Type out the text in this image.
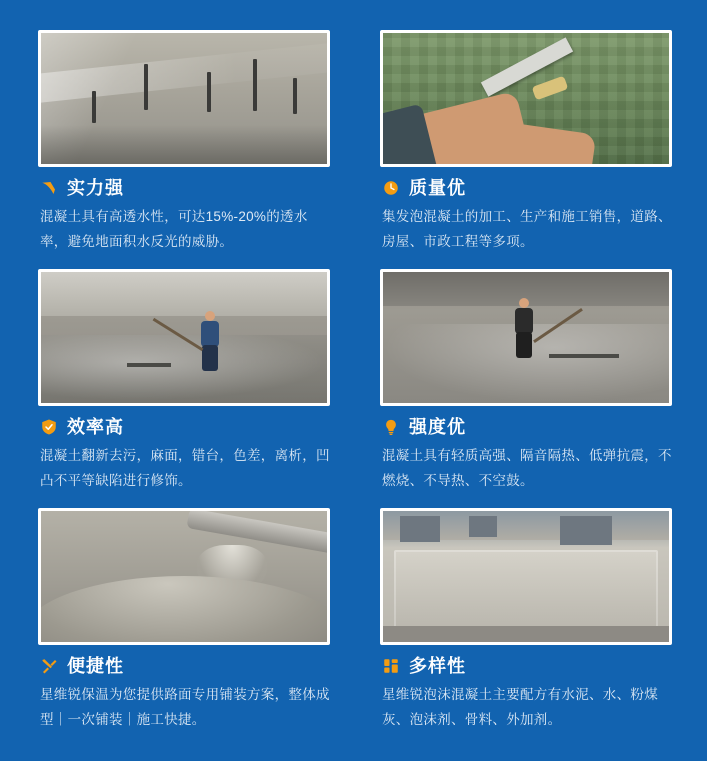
实力强

混凝土具有高透水性，可达15%-20%的透水率，避免地面积水反光的威胁。

质量优

集发泡混凝土的加工、生产和施工销售，道路、房屋、市政工程等多项。

效率高

混凝土翻新去污，麻面，错台，色差，离析，凹凸不平等缺陷进行修饰。

强度优

混凝土具有轻质高强、隔音隔热、低弹抗震，不燃烧、不导热、不空鼓。

便捷性

星维锐保温为您提供路面专用铺装方案，整体成型｜一次铺装｜施工快捷。

多样性

星维锐泡沫混凝土主要配方有水泥、水、粉煤灰、泡沫剂、骨料、外加剂。
